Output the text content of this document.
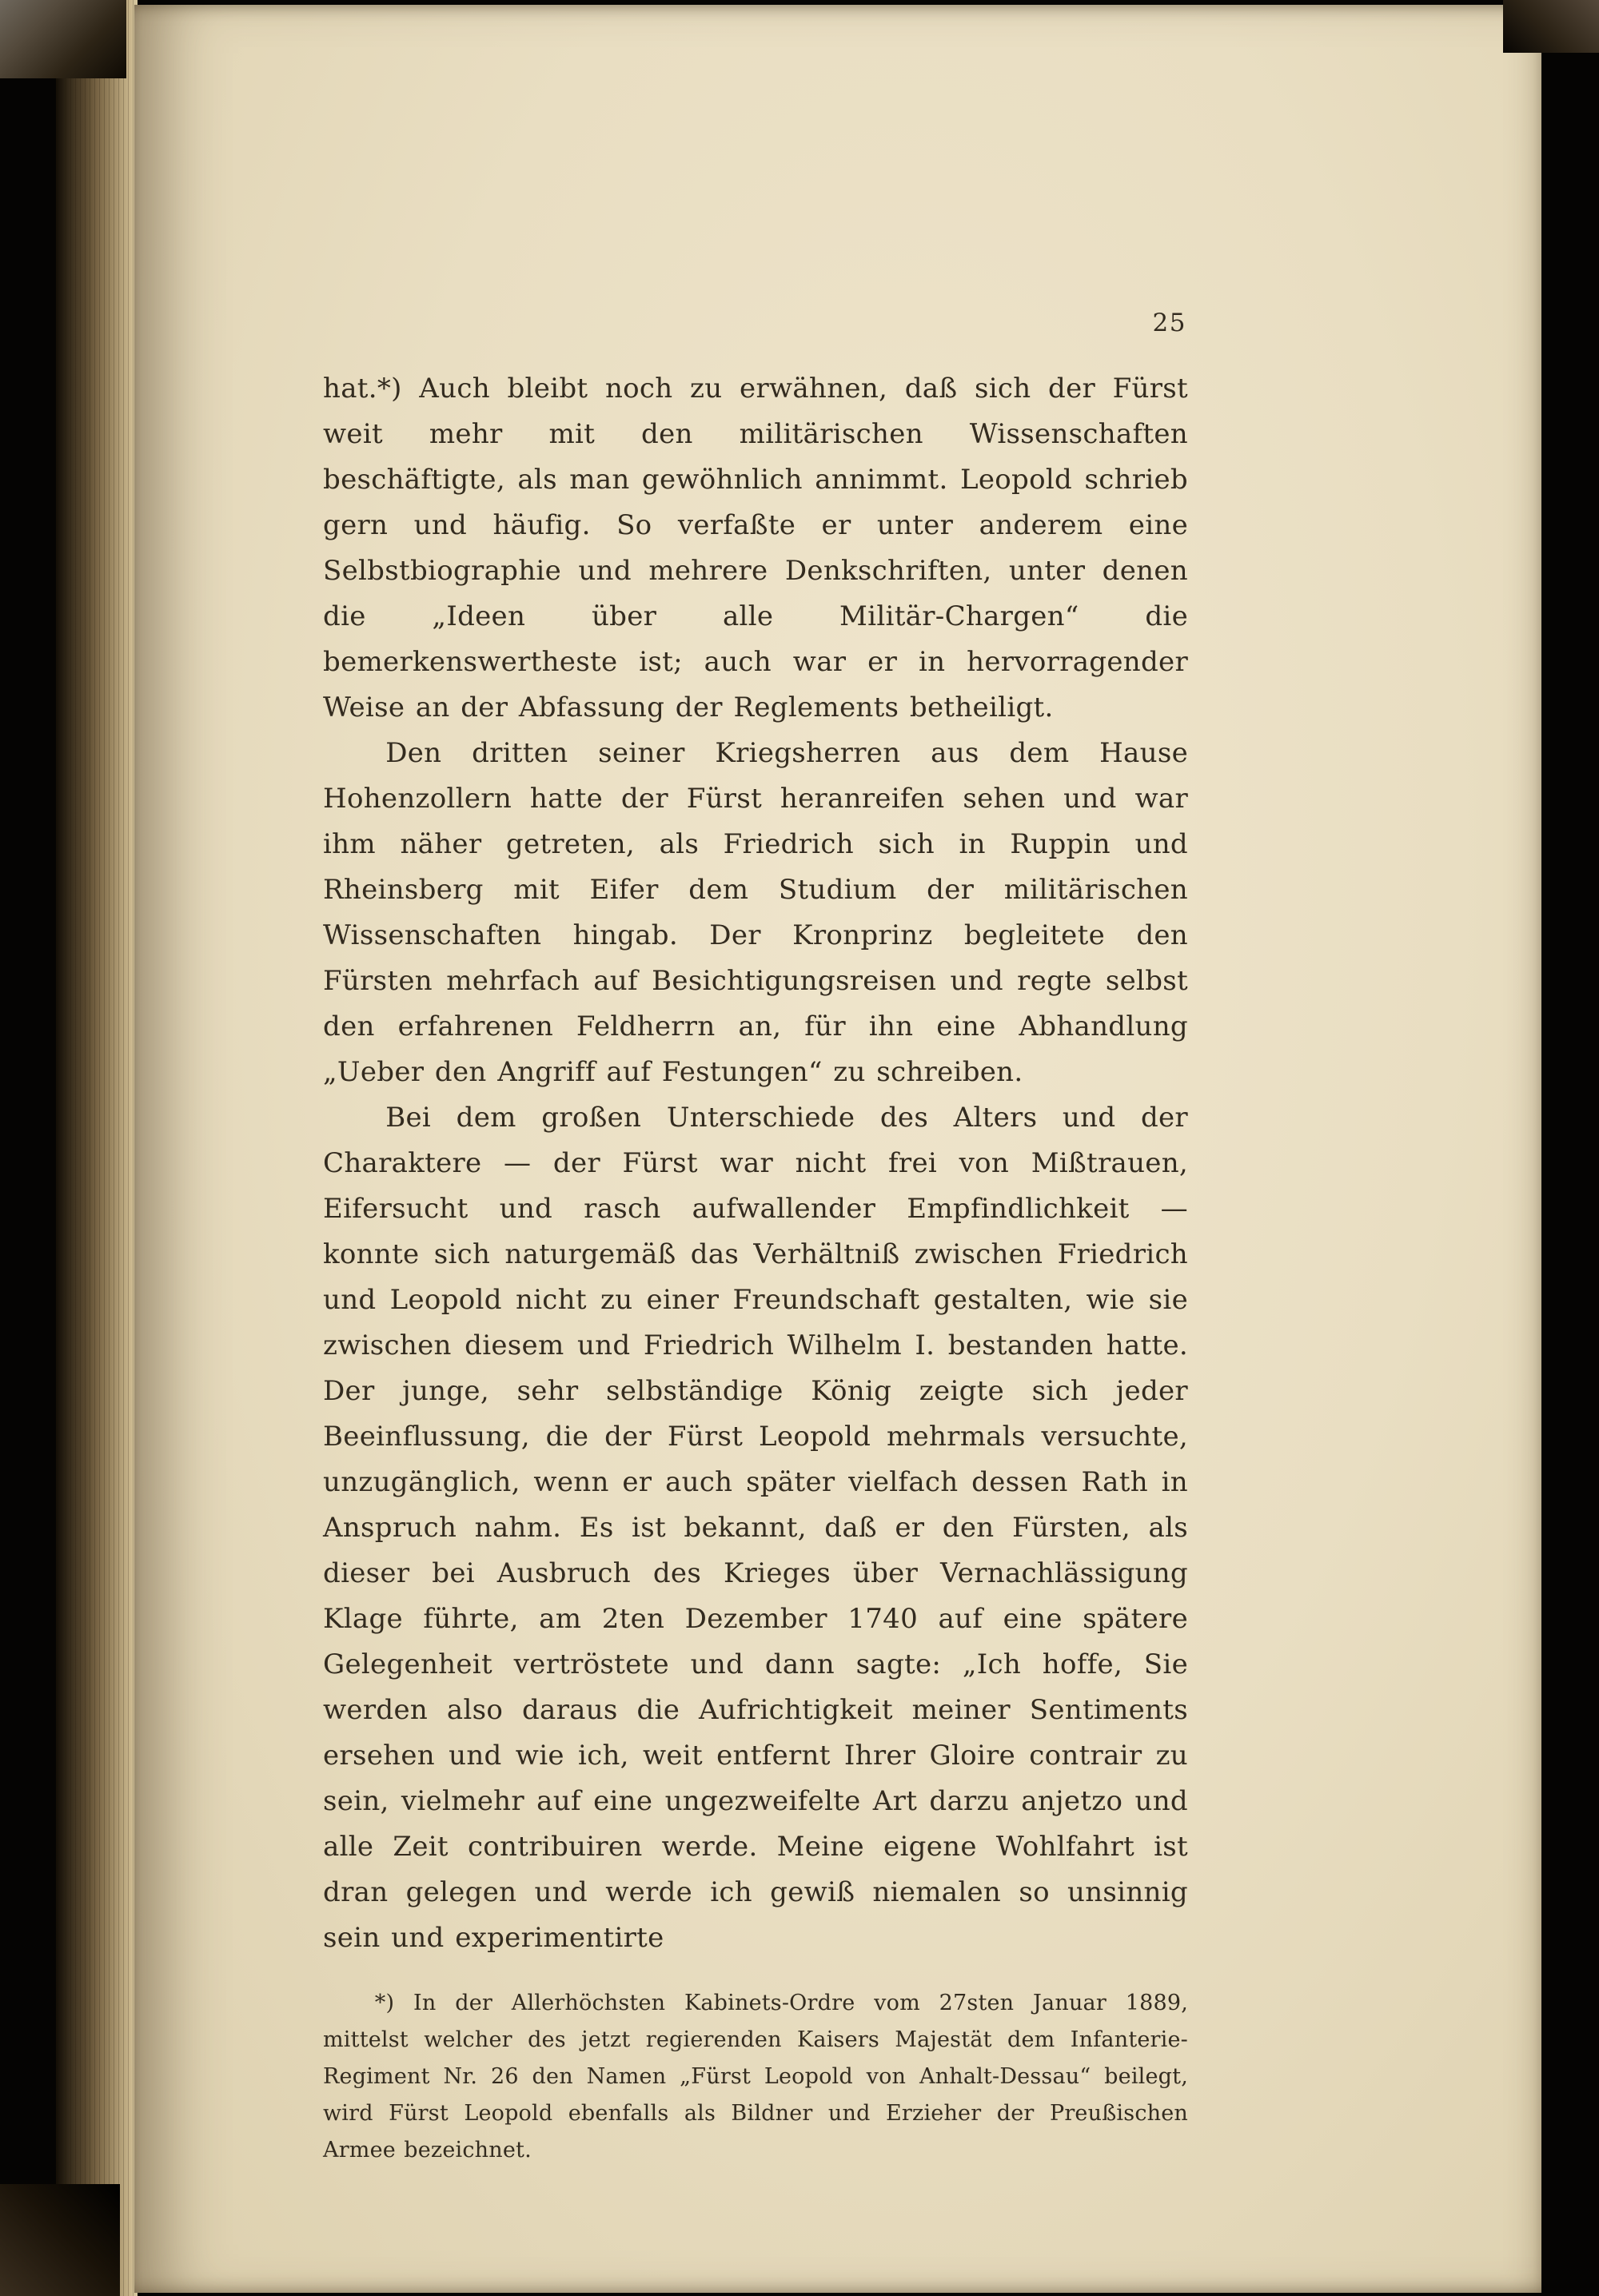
25

hat.*) Auch bleibt noch zu erwähnen, daß sich der Fürst weit mehr mit den militärischen Wissenschaften beschäftigte, als man gewöhnlich annimmt. Leopold schrieb gern und häufig. So verfaßte er unter anderem eine Selbstbiographie und mehrere Denkschriften, unter denen die „Ideen über alle Militär-Chargen“ die bemerkenswertheste ist; auch war er in hervorragender Weise an der Abfassung der Reglements betheiligt.

Den dritten seiner Kriegsherren aus dem Hause Hohenzollern hatte der Fürst heranreifen sehen und war ihm näher getreten, als Friedrich sich in Ruppin und Rheinsberg mit Eifer dem Studium der militärischen Wissenschaften hingab. Der Kronprinz begleitete den Fürsten mehrfach auf Besichtigungsreisen und regte selbst den erfahrenen Feldherrn an, für ihn eine Abhandlung „Ueber den Angriff auf Festungen“ zu schreiben.

Bei dem großen Unterschiede des Alters und der Charaktere — der Fürst war nicht frei von Mißtrauen, Eifersucht und rasch aufwallender Empfindlichkeit — konnte sich naturgemäß das Verhältniß zwischen Friedrich und Leopold nicht zu einer Freundschaft gestalten, wie sie zwischen diesem und Friedrich Wilhelm I. bestanden hatte. Der junge, sehr selbständige König zeigte sich jeder Beeinflussung, die der Fürst Leopold mehrmals versuchte, unzugänglich, wenn er auch später vielfach dessen Rath in Anspruch nahm. Es ist bekannt, daß er den Fürsten, als dieser bei Ausbruch des Krieges über Vernachlässigung Klage führte, am 2ten Dezember 1740 auf eine spätere Gelegenheit vertröstete und dann sagte: „Ich hoffe, Sie werden also daraus die Aufrichtigkeit meiner Sentiments ersehen und wie ich, weit entfernt Ihrer Gloire contrair zu sein, vielmehr auf eine ungezweifelte Art darzu anjetzo und alle Zeit contribuiren werde. Meine eigene Wohlfahrt ist dran gelegen und werde ich gewiß niemalen so unsinnig sein und experimentirte

*) In der Allerhöchsten Kabinets-Ordre vom 27sten Januar 1889, mittelst welcher des jetzt regierenden Kaisers Majestät dem Infanterie-Regiment Nr. 26 den Namen „Fürst Leopold von Anhalt-Dessau“ beilegt, wird Fürst Leopold ebenfalls als Bildner und Erzieher der Preußischen Armee bezeichnet.
